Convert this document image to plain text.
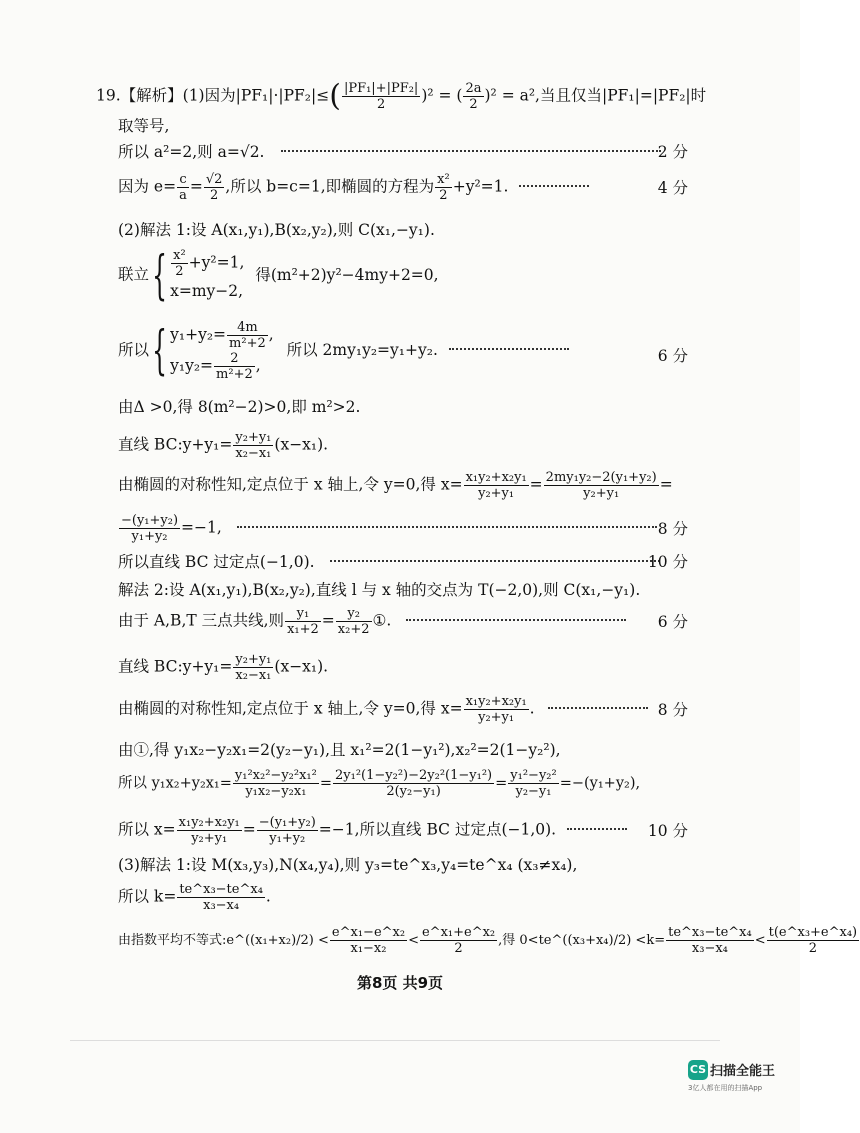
19.【解析】(1)因为$|PF_1|\cdot|PF_2|\le( \frac{\text{|PF₁|+|PF₂|}}{2} )^2$ = ( $\frac{2a}{2} )^2 = a^2$,当且仅当|PF₁|=|PF₂|时
取等号,
所以 a²=2,则 a=√2.	2 分
因为 $e= \frac{c}{a} = \frac{√2}{2}$ ,所以 b=c=1,即椭圆的方程为 $\frac{\text{x²}}{2} +y^2=1$.	4 分
(2)解法 1:设 A(x₁,y₁),B(x₂,y₂),则 C(x₁,−y₁).
联立{ $\frac{\text{x²}}{2} +y^2=1$,
x=my−2,
得(m²+2)y²−4my+2=0,
所以{ $y_1+y_2= \frac{4m}{\text{m²+2}}$ ,
$y_1y_2= \frac{2}{\text{m²+2}}$ ,
所以 2my₁y₂=y₁+y₂.	6 分
由Δ >0,得 8(m²−2)>0,即 m²>2.
直线 BC:y+y₁= $\frac{\text{y₂+y₁}}{\text{x₂−x₁}} (x-x_1)$.
由椭圆的对称性知,定点位于 x 轴上,令 y=0,得 $x= \frac{\text{x₁y₂+x₂y₁}}{\text{y₂+y₁}} = \frac{\text{2my₁y₂−2(y₁+y₂)}}{\text{y₂+y₁}}$ =
$\frac{\text{−(y₁+y₂)}}{\text{y₁+y₂}} =-1$,	8 分
所以直线 BC 过定点(−1,0).	10 分
解法 2:设 A(x₁,y₁),B(x₂,y₂),直线 l 与 x 轴的交点为 T(−2,0),则 C(x₁,−y₁).
由于 A,B,T 三点共线,则 $\frac{\text{y₁}}{\text{x₁+2}} = \frac{\text{y₂}}{\text{x₂+2}}$ ①.	6 分
直线 BC:y+y₁= $\frac{\text{y₂+y₁}}{\text{x₂−x₁}} (x-x_1)$.
由椭圆的对称性知,定点位于 x 轴上,令 y=0,得 $x= \frac{\text{x₁y₂+x₂y₁}}{\text{y₂+y₁}}$ .	8 分
由①,得 y₁x₂−y₂x₁=2(y₂−y₁),且 x₁²=2(1−y₁²),x₂²=2(1−y₂²),
所以 $y_1x_2+y_2x_1= \frac{\text{y₁²x₂²−y₂²x₁²}}{\text{y₁x₂−y₂x₁}} = \frac{\text{2y₁²(1−y₂²)−2y₂²(1−y₁²)}}{\text{2(y₂−y₁)}} = \frac{\text{y₁²−y₂²}}{\text{y₂−y₁}} =-(y_1+y_2)$,
所以 $x= \frac{\text{x₁y₂+x₂y₁}}{\text{y₂+y₁}} = \frac{\text{−(y₁+y₂)}}{\text{y₁+y₂}} =-1$,所以直线 BC 过定点(−1,0).	10 分
(3)解法 1:设 M(x₃,y₃),N(x₄,y₄),则 y₃=te^x₃,y₄=te^x₄ (x₃≠x₄),
所以 $k= \frac{\text{te\textasciicircum{}x₃−te\textasciicircum{}x₄}}{\text{x₃−x₄}}$ .
由指数平均不等式:e^((x₁+x₂)/2) < $\frac{\text{e\textasciicircum{}x₁−e\textasciicircum{}x₂}}{\text{x₁−x₂}} < \frac{\text{e\textasciicircum{}x₁+e\textasciicircum{}x₂}}{2}$ ,得 0<te^((x₃+x₄)/2) $<k= \frac{\text{te\textasciicircum{}x₃−te\textasciicircum{}x₄}}{\text{x₃−x₄}} < \frac{\text{t(e\textasciicircum{}x₃+e\textasciicircum{}x₄)}}{2}$
第8页 共9页
CS 扫描全能王
3亿人都在用的扫描App
